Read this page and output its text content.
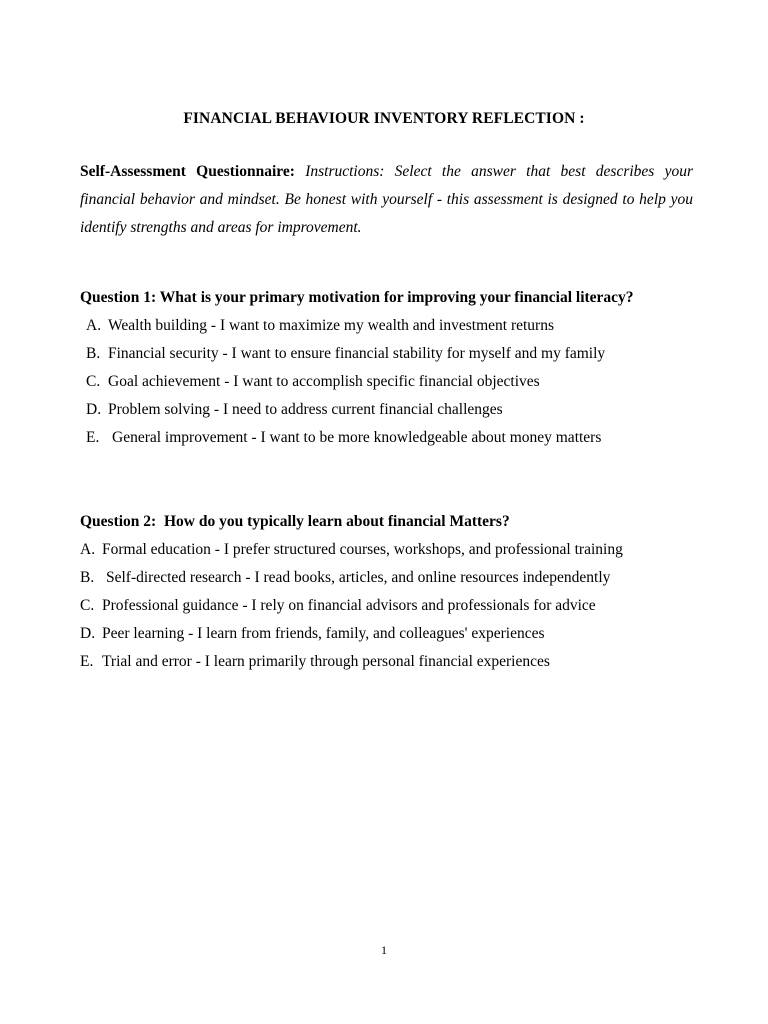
FINANCIAL BEHAVIOUR INVENTORY REFLECTION :
Self-Assessment Questionnaire: Instructions: Select the answer that best describes your financial behavior and mindset. Be honest with yourself - this assessment is designed to help you identify strengths and areas for improvement.
Question 1: What is your primary motivation for improving your financial literacy?
A. Wealth building - I want to maximize my wealth and investment returns
B. Financial security - I want to ensure financial stability for myself and my family
C. Goal achievement - I want to accomplish specific financial objectives
D. Problem solving - I need to address current financial challenges
E. General improvement - I want to be more knowledgeable about money matters
Question 2:  How do you typically learn about financial Matters?
A. Formal education - I prefer structured courses, workshops, and professional training
B. Self-directed research - I read books, articles, and online resources independently
C. Professional guidance - I rely on financial advisors and professionals for advice
D. Peer learning - I learn from friends, family, and colleagues' experiences
E. Trial and error - I learn primarily through personal financial experiences
1
